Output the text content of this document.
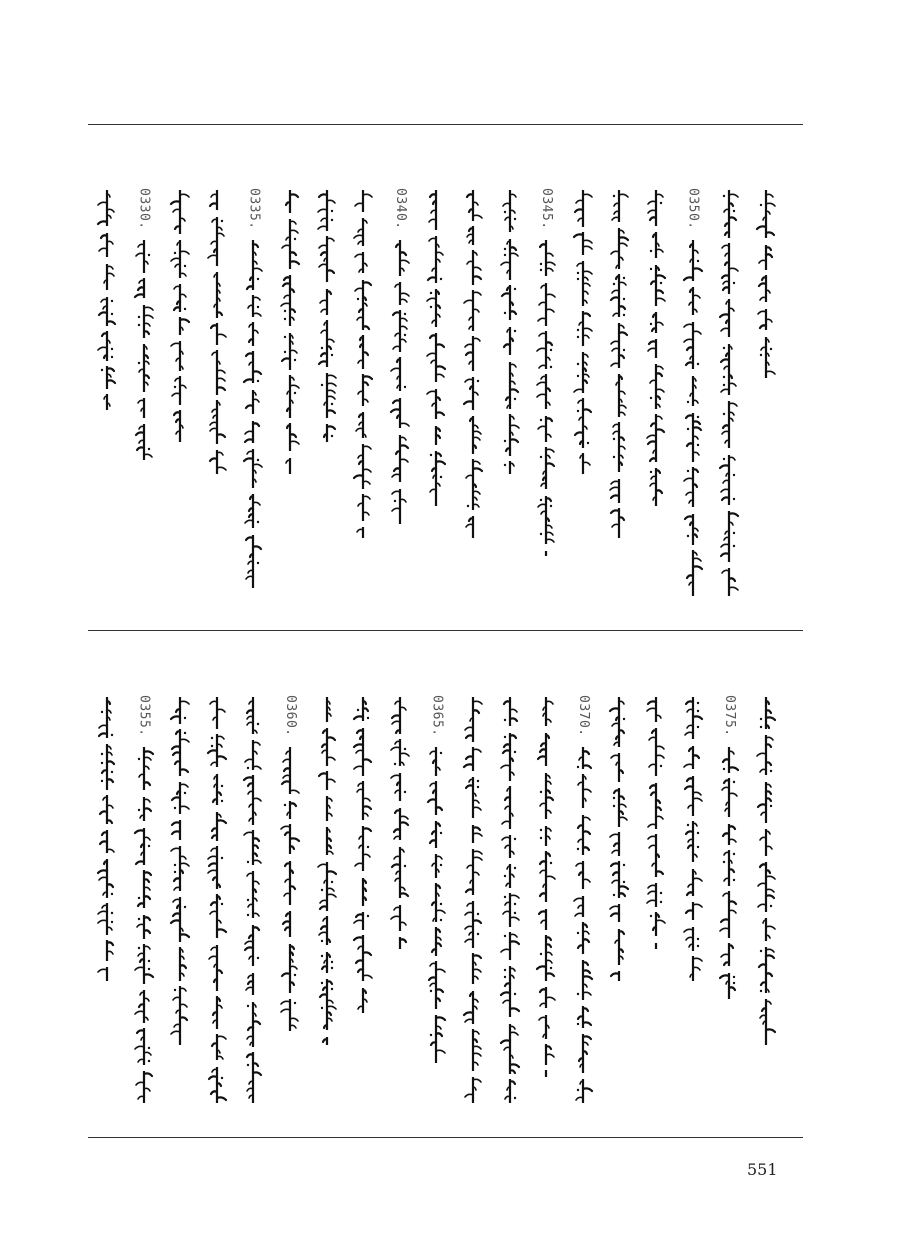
0330.	0335.	0340.	0345.	0350.
0355.	0360.	0365.	0370.	0375.
551
